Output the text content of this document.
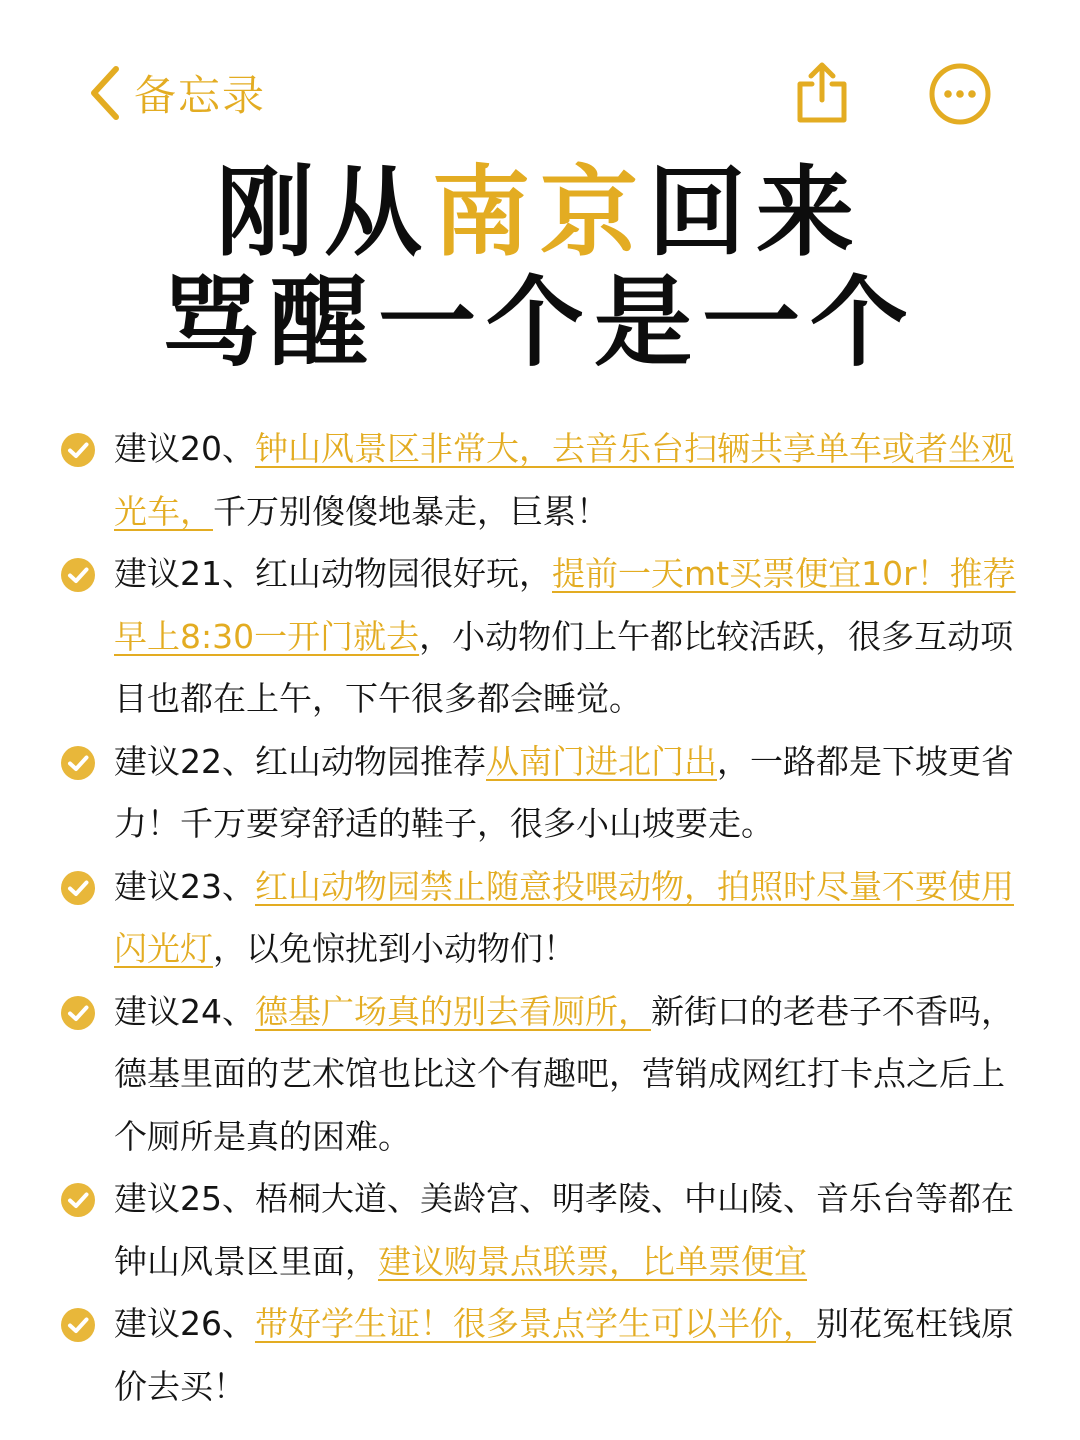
备忘录
刚从南京回来
骂醒一个是一个
建议20、钟山风景区非常大，去音乐台扫辆共享单车或者坐观光车，千万别傻傻地暴走，巨累！
建议21、红山动物园很好玩，提前一天mt买票便宜10r！推荐早上8:30一开门就去，小动物们上午都比较活跃，很多互动项目也都在上午，下午很多都会睡觉。
建议22、红山动物园推荐从南门进北门出，一路都是下坡更省力！千万要穿舒适的鞋子，很多小山坡要走。
建议23、红山动物园禁止随意投喂动物，拍照时尽量不要使用闪光灯，以免惊扰到小动物们！
建议24、德基广场真的别去看厕所，新街口的老巷子不香吗，德基里面的艺术馆也比这个有趣吧，营销成网红打卡点之后上个厕所是真的困难。
建议25、梧桐大道、美龄宫、明孝陵、中山陵、音乐台等都在钟山风景区里面，建议购景点联票，比单票便宜
建议26、带好学生证！很多景点学生可以半价，别花冤枉钱原价去买！
